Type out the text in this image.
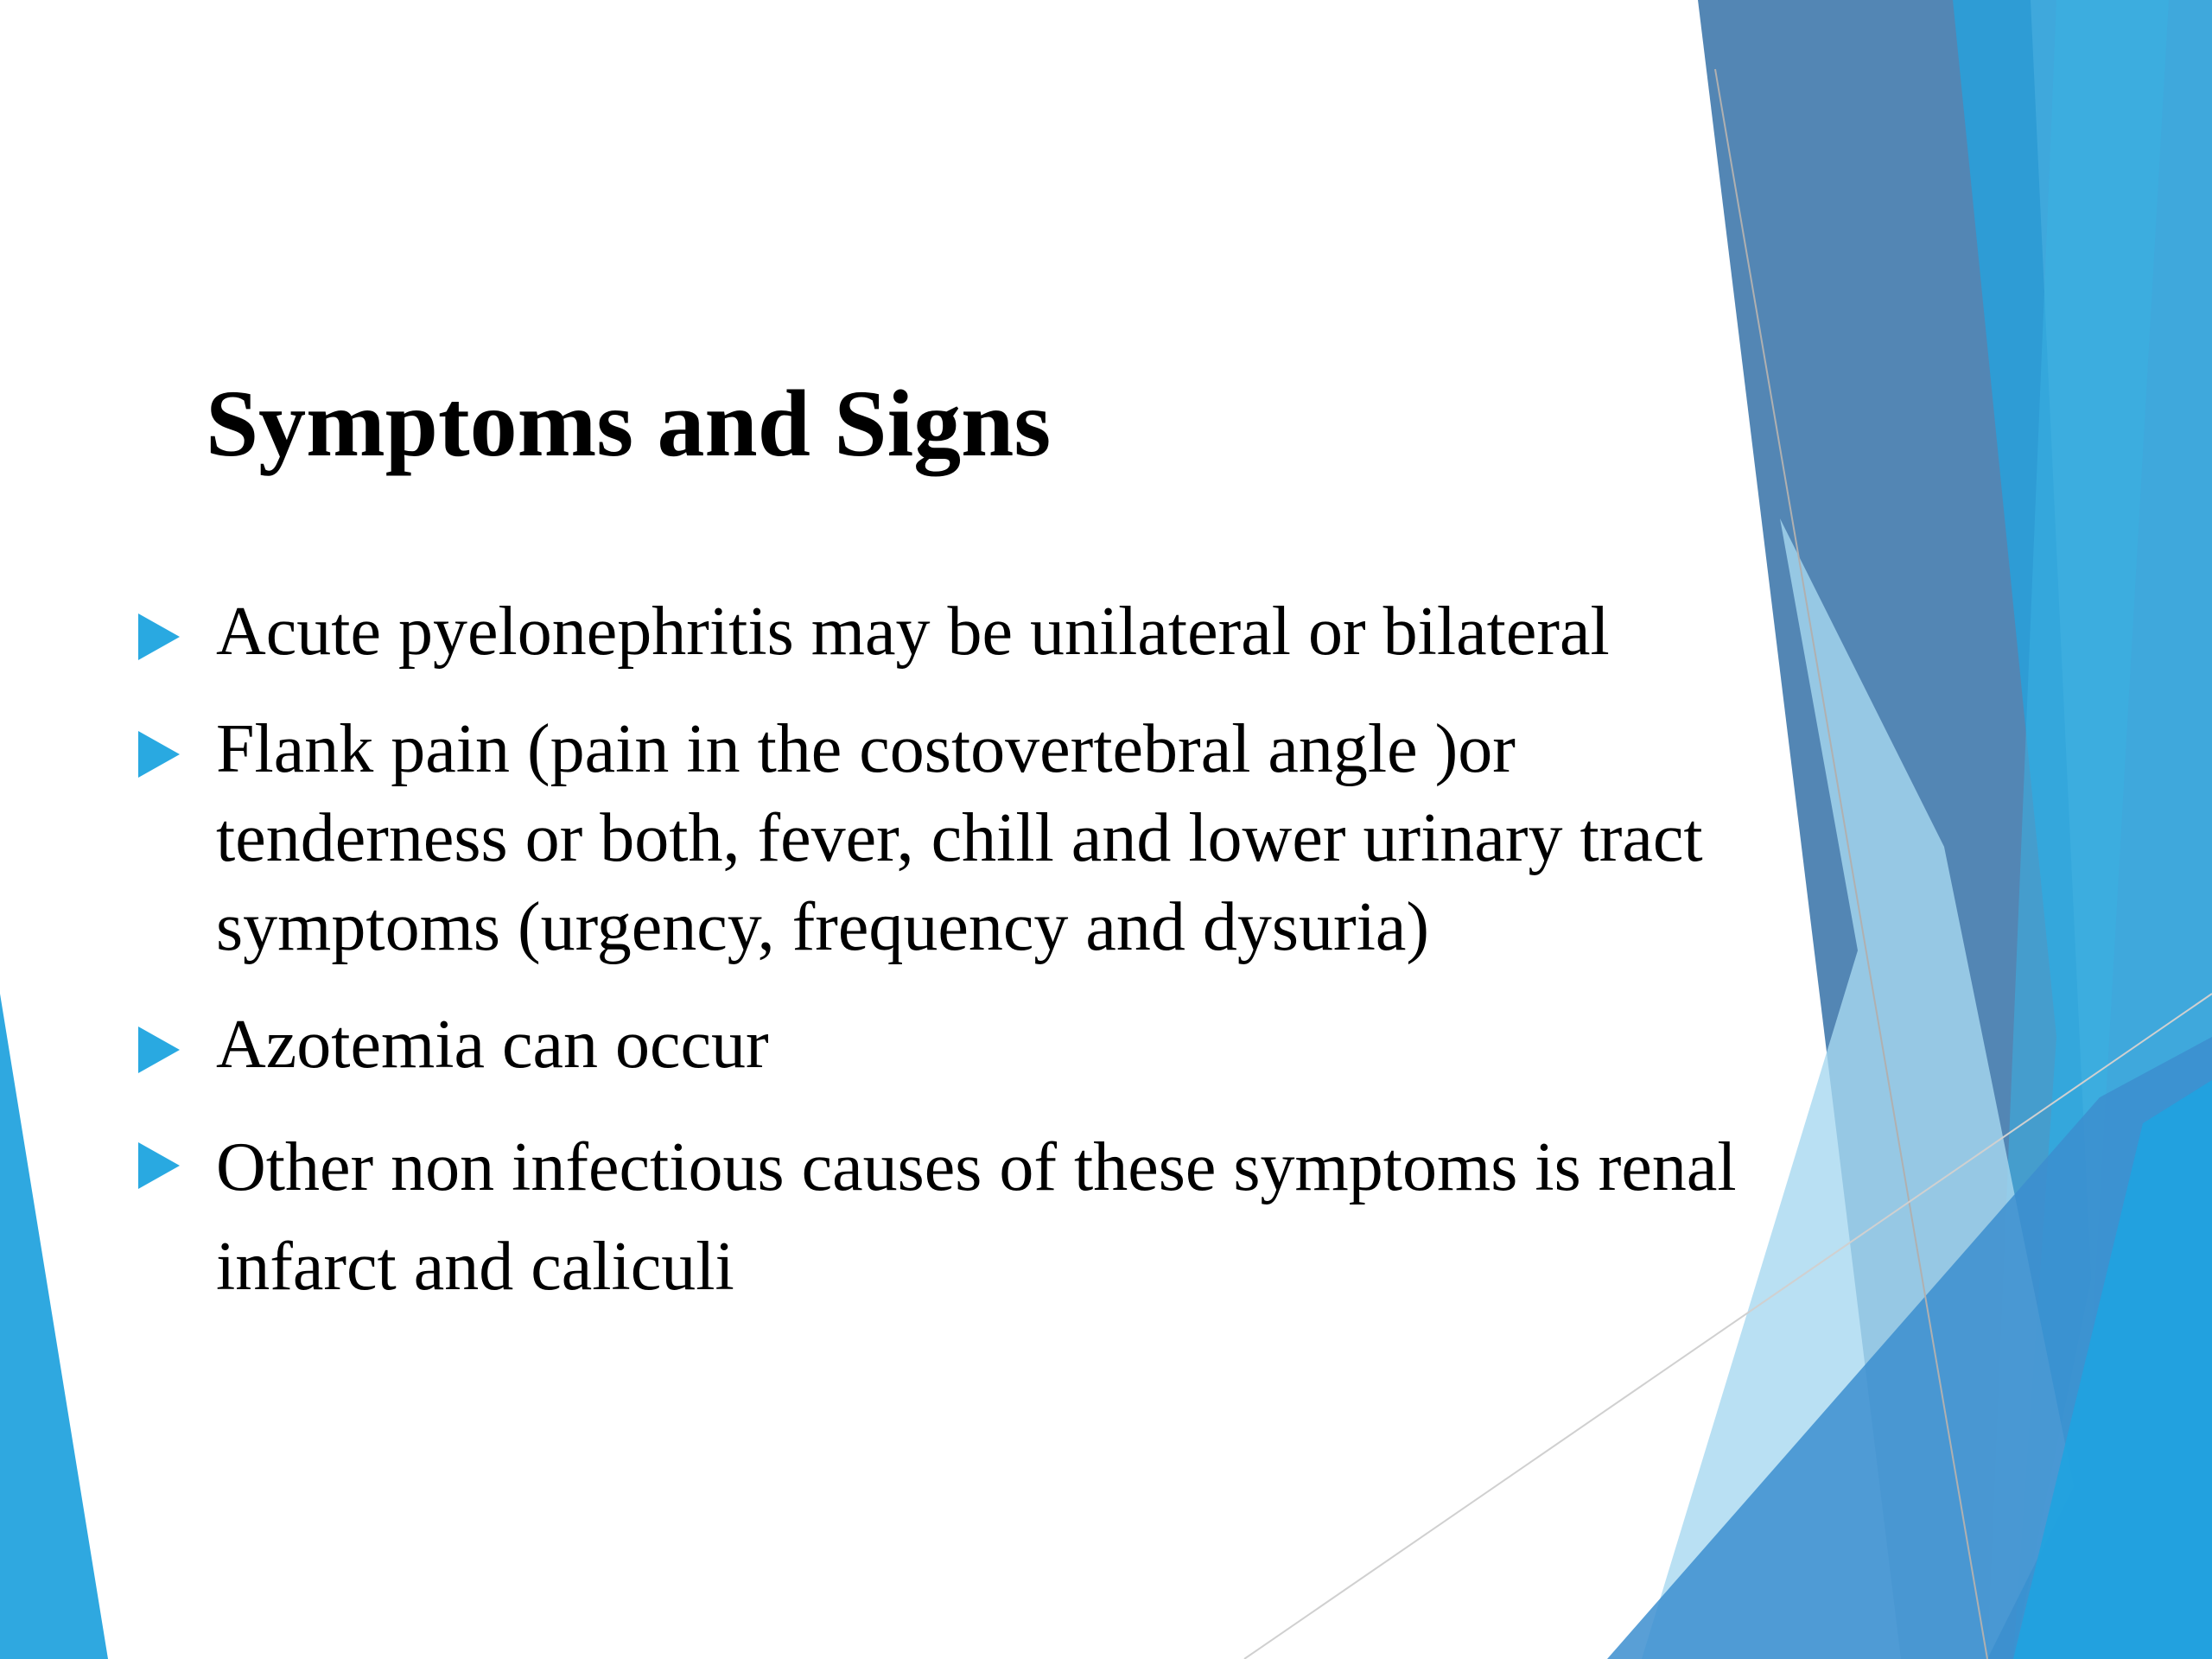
Symptoms and Signs
Acute pyelonephritis may be unilateral or bilateral
Flank pain (pain in the costovertebral angle )or tenderness or both, fever, chill and lower urinary tract symptoms (urgency, frequency and dysuria)
Azotemia can occur
Other non infectious causes of these symptoms is renal infarct and caliculi
